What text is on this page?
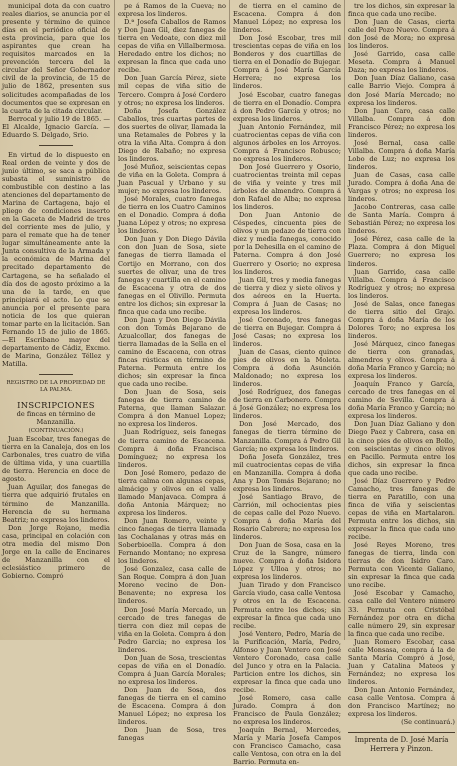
municipal dota da con cuatro reales diarios, se anuncia por el presente y término de quince días en el periódico oficial de esta provincia, para que los aspirantes que crean ha requisitos marcados en la prevención tercera del la circular del Señor Gobernador civil de la provincia, de 15 de julio de 1862, presenten sus solicitudes acompañadas de los documentos que se expresan en la cuarta de la citada circular.

Berrocal y julio 19 de 1865. —El Alcalde, Ignacio García. —Eduardo S. Delgado, Srio.

En virtud de lo dispuesto en Real orden de veinte y dos de junio último, se saca a pública subasta el suministro de combustible con destino a las atenciones del departamento de Marina de Cartagena, bajo el pliego de condiciones inserto en la Gaceta de Madrid de tres del corriente mes de julio, y para el remate que ha de tener lugar simultáneamente ante la Junta consultiva de la Armada y la económica de Marina del precitado departamento de Cartagena, se ha señalado el día dos de agosto próximo a la una de la tarde, en que principiará el acto. Lo que se anuncia por el presente para noticia de los que quieran tomar parte en la licitación. San Fernando 15 de julio de 1865. —El Escribano mayor del departamento de Cádiz, Excmo. de Marina, González Téllez y Matilla.

REGISTRO DE LA PROPIEDAD DE LA PALMA.

INSCRIPCIONES

de fincas en término de Manzanilla.

(CONTINUACIÓN.)

Juan Escobar, tres fanegas de tierra en la Canaleja, dos en los Carbonales, tres cuatro de viña de última vida, y una cuartilla de tierra. Herencia en doce de agosto.

Juan Aguilar, dos fanegas de tierra que adquirió frutales en término de Manzanilla. Herencia de su hermana Beatriz; no expresa los linderos.

Don Jorge Rojano, media casa, principal en colación con otra media del mismo Don Jorge en la calle de Encinares de Manzanilla con el eclesiástico primero de Gobierno. Compró

pe á Ramos de la Cueva; no expresa los linderos.

D.ª Josefa Caballos de Ramos y Don Juan Gil, diez fanegas de tierra en Vedoate, con diez mil cepas de viña en Villalbermosa. Heredado entre los dichos; no expresan la finca que cada uno recibe.

Don Juan García Pérez, siete mil cepas de viña sitio de Tercero. Compra á José Cordero y otros; no expresa los linderos.

Doña Josefa González Caballos, tres cuartas partes de dos suertes de olivar, llamada la una Retamales de Pobres y la otra la viña Alta. Compra á don Diego de Rabaño; no expresa los linderos.

José Muñoz, seiscientas cepas de viña en la Goleta. Compra á Juan Pascual y Urbano y su mujer; no expresa los linderos.

José Morales, cuatro fanegas de tierra en los Cuatro Caminos en el Donadio. Compra á doña Juana López y otros; no expresa los linderos.

Don Juan y Don Diego Dávila con don Juan de Sosa, siete fanegas de tierra llamada el Cortijo en Morrano, con dos suertes de olivar, una de tres fanegas y cuartilla en el camino de Escacena y otra de dos fanegas en el Olivillo. Permuta entre los dichos; sin expresar la finca que cada uno recibe.

Don Juan y Don Diego Dávila con don Tomás Bejarano de Azualcollar, dos fanegas de tierra llamadas de la Sella en el camino de Escacena, con otras fincas rústicas en término de Paterna. Permuta entre los dichos; sin expresar la finca que cada uno recibe.

Don Juan de Sosa, seis fanegas de tierra camino de Paterna, que llaman Salazar. Compra á don Manuel Lopez; no expresa los linderos.

Juan Rodríguez, seis fanegas de tierra camino de Escacena. Compra á doña Francisca Domínguez; no expresa los linderos.

Don José Romero, pedazo de tierra calma con algunas cepas, almácigo y olivos en el valle llamado Manjavaca. Compra á doña Antonia Márquez; no expresa los linderos.

Don Juan Romero, veinte y cinco fanegas de tierra llamada las Cochalanas y otras más en Soberbioella. Compra á don Fernando Montano; no expresa los linderos.

José Gonzalez, casa calle de San Roque. Compra á don Juan Moreno vecino de Don-Benavente; no expresa los linderos.

Don José María Mercado, un cercado de tres fanegas de tierra con diez mil cepas de viña en la Goleta. Compra á don Pedro Garcia; no expresa los linderos.

Don Juan de Sosa, trescientas cepas de viña en el Donadío. Compra á Juan García Morales; no expresa los linderos.

Don Juan de Sosa, dos fanegas de tierra en el camino de Escacena. Compra á don Manuel López; no expresa los linderos.

Don Juan de Sosa, tres fanegas

de tierra en el camino de Escacena. Compra á don Manuel López; no expresa los linderos.

Don José Escobar, tres mil trescientas cepas de viña en los Bonderos y dos cuartillas de tierra en el Donadío de Bujegar. Compra á José María García Herrera; no expresa los linderos.

José Escobar, cuatro fanegas de tierra en el Donadío. Compra á don Pedro García y otros; no expresa los linderos.

Juan Antonio Fernández, mil cuatrocientas cepas de viña con algunos árboles en los Arroyos. Compra á Francisco Robusco; no expresa los linderos.

Don José Guerrero y Osorio, cuatrocientas treinta mil cepas de viña y veinte y tres mil árboles de almendro. Compra á don Rafael de Alba; no expresa los linderos.

Don Juan Antonio de Céspedes, cincuenta pies de olivos y un pedazo de tierra con diez y media fanegas, conocido por la Dehesilla en el camino de Paterna. Compra á don José Guerrero y Osorio; no expresa los linderos.

Juan Gil, tres y media fanegas de tierra y diez y siete olivos y dos aéreos en la Huerta. Compra á Juan de Casas; no expresa los linderos.

José Coronado, tres fanegas de tierra en Bujegar. Compra á José Casas; no expresa los linderos.

Juan de Casas, ciento quince pies de olivos en la Moleta. Compra á doña Asunción Maldonado; no expresa los linderos.

José Rodríguez, dos fanegas de tierra en Carbonero. Compra á José González; no expresa los linderos.

Don José Mercado, dos fanegas de tierra término de Manzanilla. Compra á Pedro Gil García; no expresa los linderos.

Doña Josefa González, tres mil cuatrocientas cepas de viña en Manzanilla. Compra á doña Ana y Don Tomás Bejarano; no expresa los linderos.

José Santiago Bravo, de Carrión, mil ochocientas pies de cepas calle del Pozo Nuevo. Compra á doña María del Rosario Cabrera; no expresa los linderos.

Don Juan de Sosa, casa en la Cruz de la Sangre, número nueve. Compra á doña Isidora López y Ulloa y otros; no expresa los linderos.

Juan Tirado y don Francisco García viudo, casa calle Ventosa y otros en la de Escacena. Permuta entre los dichos; sin expresar la finca que cada uno recibe.

José Ventero, Pedro, María de la Purificación, María, Pedro, Alfonso y Juan Ventero con José Ventero Coronado, casa calle del Junco y otra en la Palacia. Particion entre los dichos, sin expresar la finca que cada uno recibe.

José Romero, casa calle Jurado. Compra á don Francisco de Paula González; no expresa los linderos.

Joaquín Bernal, Mercedes, María y María Josefa Campos con Francisco Camacho, casa calle Ventosa, con otra en la del Barrio. Permuta en-

tre los dichos, sin expresar la finca que cada uno recibe.

Don Juan de Casas, cierta calle del Pozo Nuevo. Compra á don José de Mora; no expresa los linderos.

José Garrido, casa calle Meseta. Compra á Manuel Daza; no expresa los linderos.

Don Juan Díaz Galiano, casa calle Barrio Viejo. Compra á don José María Mercado; no expresa los linderos.

Don Juan Caro, casa calle Villalba. Compra á don Francisco Pérez; no expresa los linderos.

José Bernal, casa calle Villalba. Compra á doña María Lobo de Luz; no expresa los linderos.

Juan de Casas, casa calle Jurado. Compra á doña Ana de Vargas y otros; no expresa los linderos.

Jacobo Contreras, casa calle de Santa María. Compra á Sebastián Pérez; no expresa los linderos.

José Pérez, casa calle de la Plaza. Compra á don Miguel Guerrero; no expresa los linderos.

Juan Garrido, casa calle Villalba. Compra á Francisco Rodríguez y otros; no expresa los linderos.

José de Salas, once fanegas de tierra sitio del Grajo. Compra á doña María de los Dolores Toro; no expresa los linderos.

José Márquez, cinco fanegas de tierra con granadas, almendros y olivos. Compra á doña María Franco y García; no expresa los linderos.

Joaquín Franco y García, cercado de tres fanegas en el camino de Sevilla. Compra á doña María Franco y García; no expresa los linderos.

Don Juan Díaz Galiano y don Diego Paez y Cabrera, casa en la cinco pies de olivos en Bollo, con seiscientas y cinco olivos en Pacillo. Permuta entre los dichos, sin expresar la finca que cada uno recibe.

José Díaz Guerrero y Pedro Camacho, tres fanegas de tierra en Paratillo, con una finca de viña y seiscientas cepas de viña en Martalaron. Permuta entre los dichos, sin expresar la finca que cada uno recibe.

José Reyes Moreno, tres fanegas de tierra, linda con tierras de don Isidro Caro. Permuta con Vicente Galiano, sin expresar la finca que cada uno recibe.

José Escobar y Camacho, casa calle del Ventero número 33. Permuta con Cristóbal Fernández por otra en dicha calle número 29, sin expresar la finca que cada uno recibe.

Juan Romero Escobar, casa calle Monsasa, compra á la de Santa María Compró á José, Juan y Catalina Mateos y Fernández; no expresa los linderos.

Don Juan Antonio Fernández, casa calle Ventosa. Compra á don Francisco Martínez; no expresa los linderos.

(Se continuará.)

Imprenta de D. José María Herrera y Pinzon.
